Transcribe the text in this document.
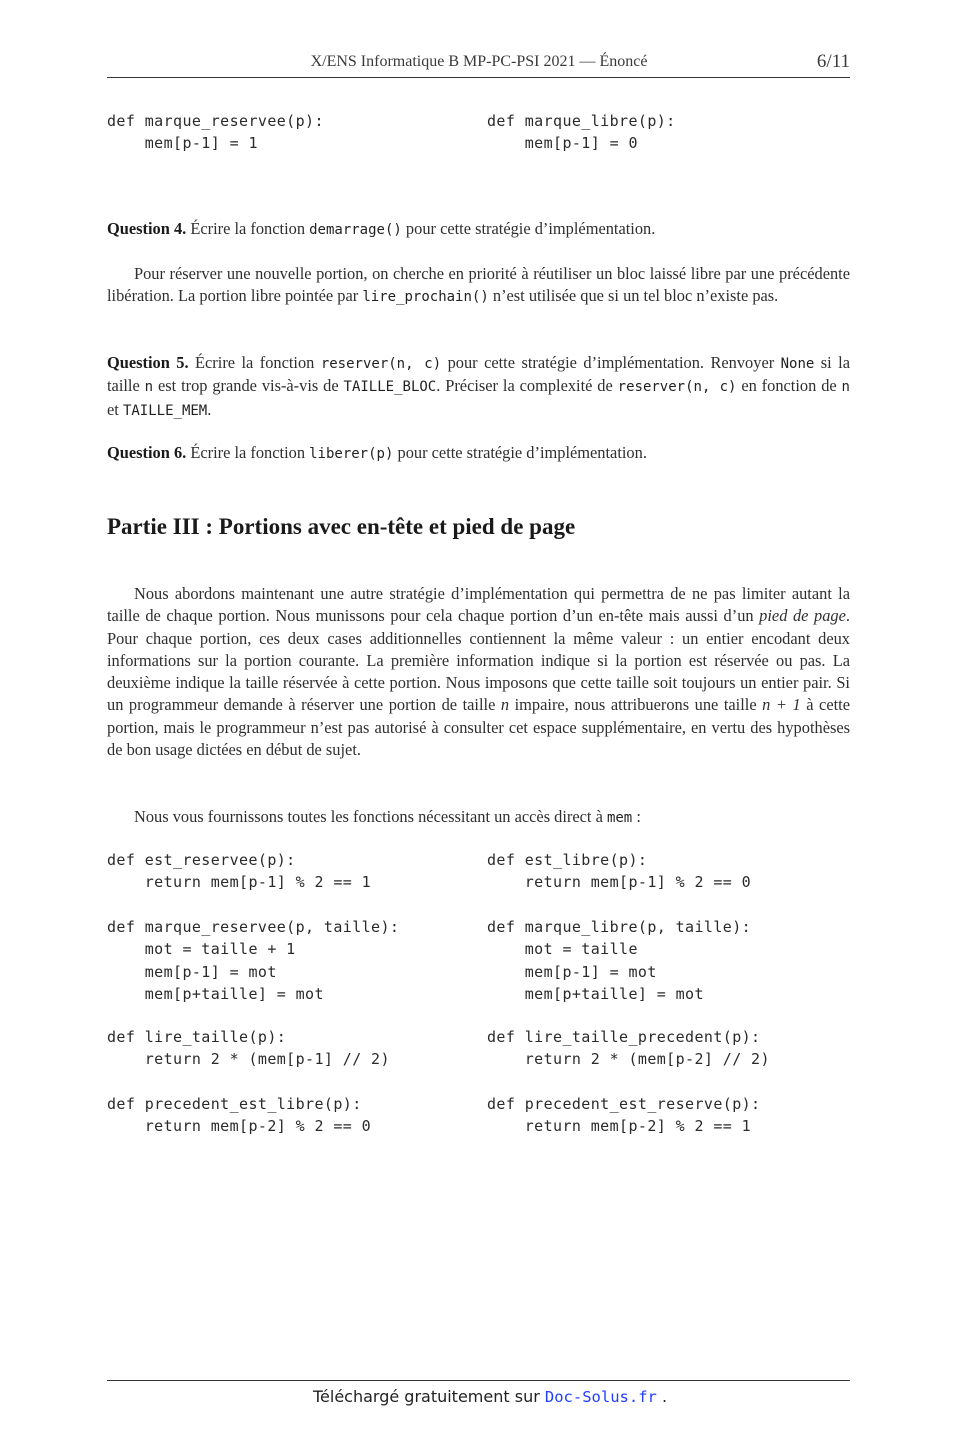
X/ENS Informatique B MP-PC-PSI 2021 — Énoncé	6/11
def marque_reservee(p):
mem[p-1] = 1
def marque_libre(p):
mem[p-1] = 0

Question 4. Écrire la fonction demarrage() pour cette stratégie d’implémentation.

Pour réserver une nouvelle portion, on cherche en priorité à réutiliser un bloc laissé libre par une précédente libération. La portion libre pointée par lire_prochain() n’est utilisée que si un tel bloc n’existe pas.

Question 5. Écrire la fonction reserver(n, c) pour cette stratégie d’implémentation. Renvoyer None si la taille n est trop grande vis-à-vis de TAILLE_BLOC. Préciser la complexité de reserver(n, c) en fonction de n et TAILLE_MEM.

Question 6. Écrire la fonction liberer(p) pour cette stratégie d’implémentation.

Partie III : Portions avec en-tête et pied de page

Nous abordons maintenant une autre stratégie d’implémentation qui permettra de ne pas limiter autant la taille de chaque portion. Nous munissons pour cela chaque portion d’un en-tête mais aussi d’un pied de page. Pour chaque portion, ces deux cases additionnelles contiennent la même valeur : un entier encodant deux informations sur la portion courante. La première information indique si la portion est réservée ou pas. La deuxième indique la taille réservée à cette portion. Nous imposons que cette taille soit toujours un entier pair. Si un programmeur demande à réserver une portion de taille n impaire, nous attribuerons une taille n + 1 à cette portion, mais le programmeur n’est pas autorisé à consulter cet espace supplémentaire, en vertu des hypothèses de bon usage dictées en début de sujet.

Nous vous fournissons toutes les fonctions nécessitant un accès direct à mem :

def est_reservee(p):
return mem[p-1] % 2 == 1
def est_libre(p):
return mem[p-1] % 2 == 0
def marque_reservee(p, taille):
mot = taille + 1
mem[p-1] = mot
mem[p+taille] = mot
def marque_libre(p, taille):
mot = taille
mem[p-1] = mot
mem[p+taille] = mot
def lire_taille(p):
return 2 * (mem[p-1] // 2)
def lire_taille_precedent(p):
return 2 * (mem[p-2] // 2)
def precedent_est_libre(p):
return mem[p-2] % 2 == 0
def precedent_est_reserve(p):
return mem[p-2] % 2 == 1
Téléchargé gratuitement sur Doc-Solus.fr .
